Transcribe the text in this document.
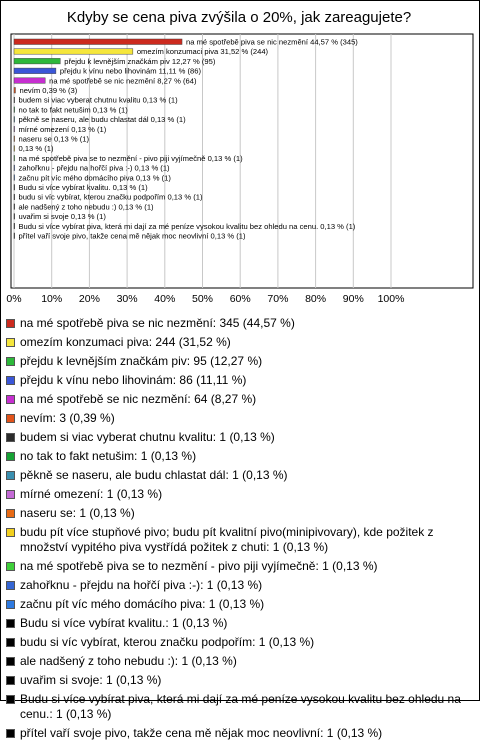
Kdyby se cena piva zvýšila o 20%, jak zareagujete?
0% 10% 20% 30% 40% 50% 60% 70% 80% 90% 100%
na mé spotřebě piva se nic nezmění 44,57 % (345)
omezím konzumaci piva 31,52 % (244)
přejdu k levnějším značkám piv 12,27 % (95)
přejdu k vínu nebo lihovinám 11,11 % (86)
na mé spotřebě se nic nezmění 8,27 % (64)
nevím 0,39 % (3)
budem si viac vyberat chutnu kvalitu 0,13 % (1)
no tak to fakt netušim 0,13 % (1)
pěkně se naseru, ale budu chlastat dál 0,13 % (1)
mírné omezení 0,13 % (1)
naseru se 0,13 % (1)
0,13 % (1)
na mé spotřebě piva se to nezmění - pivo piji vyjímečně 0,13 % (1)
zahořknu - přejdu na hořčí piva :-) 0,13 % (1)
začnu pít víc mého domácího piva 0,13 % (1)
Budu si více vybírat kvalitu. 0,13 % (1)
budu si víc vybírat, kterou značku podpořím 0,13 % (1)
ale nadšený z toho nebudu :) 0,13 % (1)
uvařim si svoje 0,13 % (1)
Budu si více vybírat piva, která mi dají za mé peníze vysokou kvalitu bez ohledu na cenu. 0,13 % (1)
přítel vaří svoje pivo, takže cena mě nějak moc neovlivní 0,13 % (1)
na mé spotřebě piva se nic nezmění: 345 (44,57 %)
omezím konzumaci piva: 244 (31,52 %)
přejdu k levnějším značkám piv: 95 (12,27 %)
přejdu k vínu nebo lihovinám: 86 (11,11 %)
na mé spotřebě se nic nezmění: 64 (8,27 %)
nevím: 3 (0,39 %)
budem si viac vyberat chutnu kvalitu: 1 (0,13 %)
no tak to fakt netušim: 1 (0,13 %)
pěkně se naseru, ale budu chlastat dál: 1 (0,13 %)
mírné omezení: 1 (0,13 %)
naseru se: 1 (0,13 %)
budu pít více stupňové pivo; budu pít kvalitní pivo(minipivovary), kde požitek z množství vypitého piva vystřídá požitek z chuti: 1 (0,13 %)
na mé spotřebě piva se to nezmění - pivo piji vyjímečně: 1 (0,13 %)
zahořknu - přejdu na hořčí piva :-): 1 (0,13 %)
začnu pít víc mého domácího piva: 1 (0,13 %)
Budu si více vybírat kvalitu.: 1 (0,13 %)
budu si víc vybírat, kterou značku podpořím: 1 (0,13 %)
ale nadšený z toho nebudu :): 1 (0,13 %)
uvařim si svoje: 1 (0,13 %)
Budu si více vybírat piva, která mi dají za mé peníze vysokou kvalitu bez ohledu na cenu.: 1 (0,13 %)
přítel vaří svoje pivo, takže cena mě nějak moc neovlivní: 1 (0,13 %)
